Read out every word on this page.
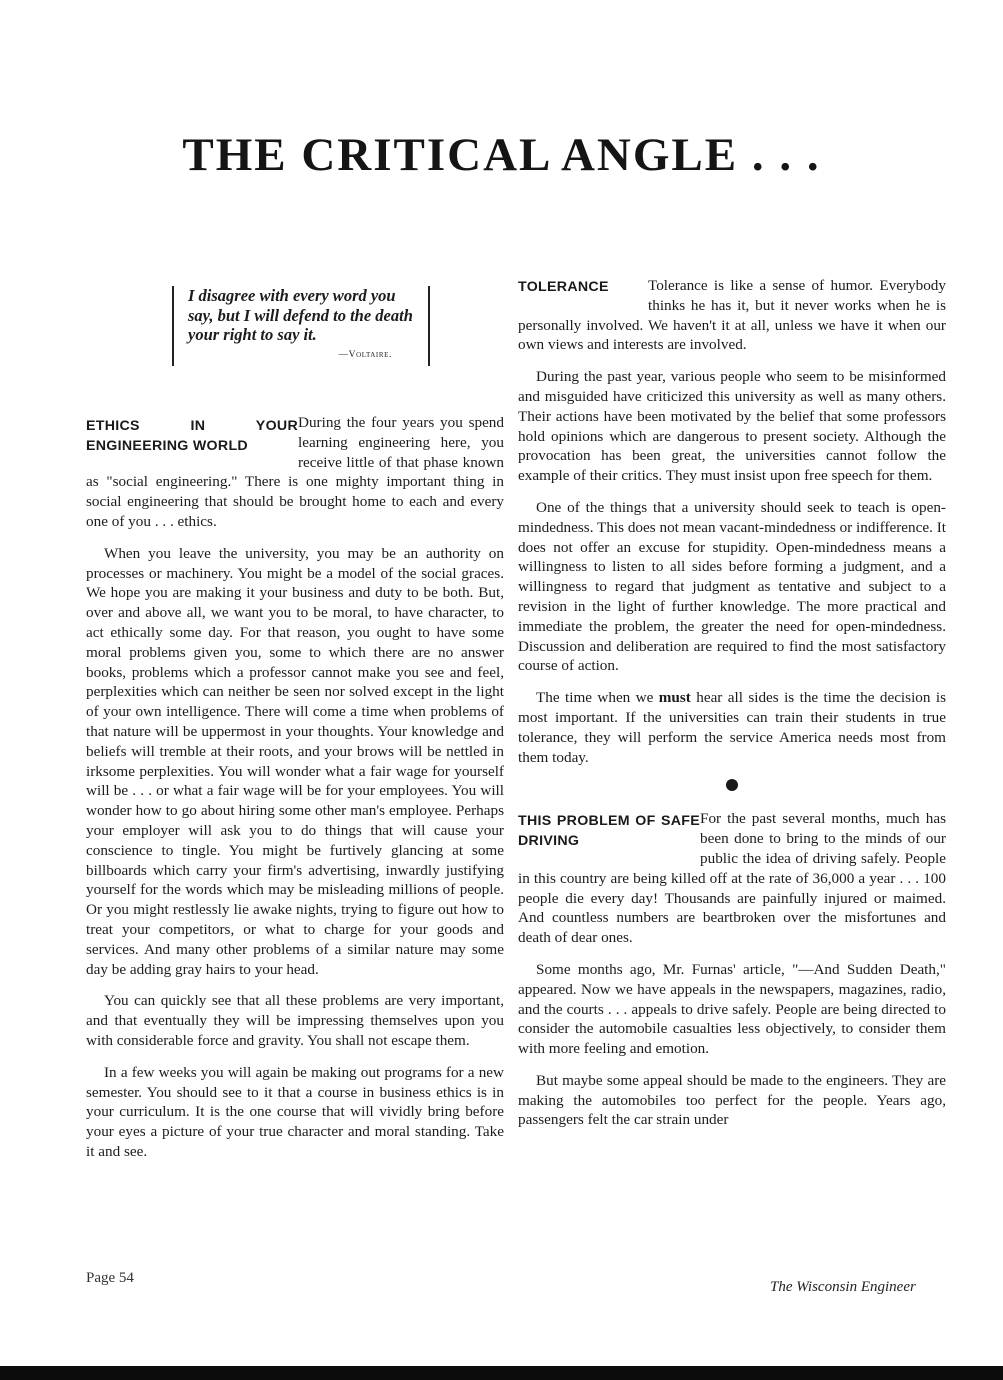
THE CRITICAL ANGLE . . .

I disagree with every word you say, but I will defend to the death your right to say it.

—Voltaire.
ETHICS IN YOUR ENGINEERING WORLD

During the four years you spend learning engineering here, you receive little of that phase known as "social engineering." There is one mighty important thing in social engineering that should be brought home to each and every one of you . . . ethics.

When you leave the university, you may be an authority on processes or machinery. You might be a model of the social graces. We hope you are making it your business and duty to be both. But, over and above all, we want you to be moral, to have character, to act ethically some day. For that reason, you ought to have some moral problems given you, some to which there are no answer books, problems which a professor cannot make you see and feel, perplexities which can neither be seen nor solved except in the light of your own intelligence. There will come a time when problems of that nature will be uppermost in your thoughts. Your knowledge and beliefs will tremble at their roots, and your brows will be nettled in irksome perplexities. You will wonder what a fair wage for yourself will be . . . or what a fair wage will be for your employees. You will wonder how to go about hiring some other man's employee. Perhaps your employer will ask you to do things that will cause your conscience to tingle. You might be furtively glancing at some billboards which carry your firm's advertising, inwardly justifying yourself for the words which may be misleading millions of people. Or you might restlessly lie awake nights, trying to figure out how to treat your competitors, or what to charge for your goods and services. And many other problems of a similar nature may some day be adding gray hairs to your head.

You can quickly see that all these problems are very important, and that eventually they will be impressing themselves upon you with considerable force and gravity. You shall not escape them.

In a few weeks you will again be making out programs for a new semester. You should see to it that a course in business ethics is in your curriculum. It is the one course that will vividly bring before your eyes a picture of your true character and moral standing. Take it and see.

TOLERANCE	Tolerance is like a sense of humor. Everybody thinks he has it, but it never works when he is personally involved. We haven't it at all, unless we have it when our own views and interests are involved.

During the past year, various people who seem to be misinformed and misguided have criticized this university as well as many others. Their actions have been motivated by the belief that some professors hold opinions which are dangerous to present society. Although the provocation has been great, the universities cannot follow the example of their critics. They must insist upon free speech for them.

One of the things that a university should seek to teach is open-mindedness. This does not mean vacant-mindedness or indifference. It does not offer an excuse for stupidity. Open-mindedness means a willingness to listen to all sides before forming a judgment, and a willingness to regard that judgment as tentative and subject to a revision in the light of further knowledge. The more practical and immediate the problem, the greater the need for open-mindedness. Discussion and deliberation are required to find the most satisfactory course of action.

The time when we must hear all sides is the time the decision is most important. If the universities can train their students in true tolerance, they will perform the service America needs most from them today.

THIS PROBLEM OF SAFE DRIVING

For the past several months, much has been done to bring to the minds of our public the idea of driving safely. People in this country are being killed off at the rate of 36,000 a year . . . 100 people die every day! Thousands are painfully injured or maimed. And countless numbers are beartbroken over the misfortunes and death of dear ones.

Some months ago, Mr. Furnas' article, "—And Sudden Death," appeared. Now we have appeals in the newspapers, magazines, radio, and the courts . . . appeals to drive safely. People are being directed to consider the automobile casualties less objectively, to consider them with more feeling and emotion.

But maybe some appeal should be made to the engineers. They are making the automobiles too perfect for the people. Years ago, passengers felt the car strain under

Page 54
The Wisconsin Engineer
